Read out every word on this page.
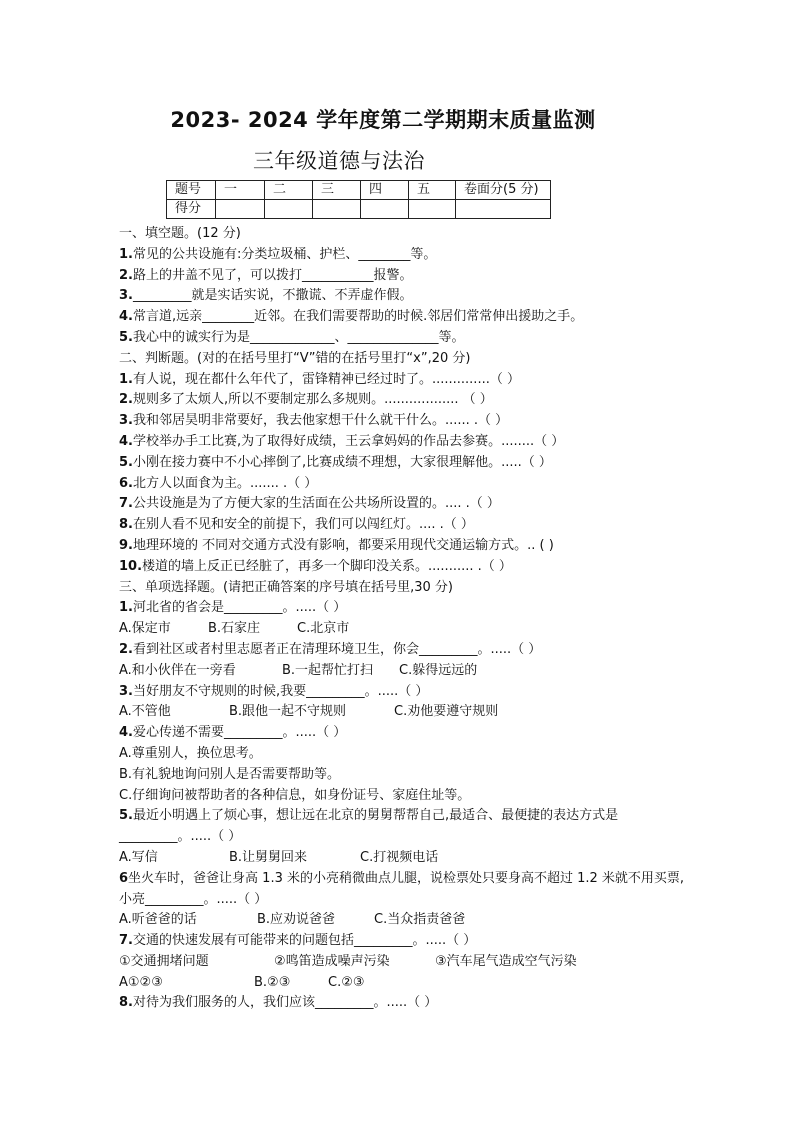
2023- 2024 学年度第二学期期末质量监测
三年级道德与法治
题号	一	二	三	四	五	卷面分(5 分)
得分						
一、填空题。(12 分)
1.常见的公共设施有:分类垃圾桶、护栏、________等。
2.路上的井盖不见了，可以拨打___________报警。
3._________就是实话实说，不撒谎、不弄虚作假。
4.常言道,远亲________近邻。在我们需要帮助的时候.邻居们常常伸出援助之手。
5.我心中的诚实行为是_____________、______________等。
二、判断题。(对的在括号里打“V”错的在括号里打“x”,20 分)
1.有人说，现在都什么年代了，雷锋精神已经过时了。..............（ ）
2.规则多了太烦人,所以不要制定那么多规则。.................. （ ）
3.我和邻居昊明非常要好，我去他家想干什么就干什么。...... .（ ）
4.学校举办手工比赛,为了取得好成绩，王云拿妈妈的作品去参赛。........（ ）
5.小刚在接力赛中不小心摔倒了,比赛成绩不理想，大家很理解他。.....（ ）
6.北方人以面食为主。....... .（ ）
7.公共设施是为了方便大家的生活面在公共场所设置的。.... .（ ）
8.在别人看不见和安全的前提下，我们可以闯红灯。.... .（ ）
9.地理环境的 不同对交通方式没有影响，都要采用现代交通运输方式。.. ( )
10.楼道的墙上反正已经脏了，再多一个脚印没关系。........... .（ ）
三、单项选择题。(请把正确答案的序号填在括号里,30 分)
1.河北省的省会是_________。.....（ ）
A.保定市	B.石家庄	C.北京市
2.看到社区或者村里志愿者正在清理环境卫生，你会_________。.....（ ）
A.和小伙伴在一旁看	B.一起帮忙打扫	C.躲得远远的
3.当好朋友不守规则的时候,我要_________。.....（ ）
A.不管他	B.跟他一起不守规则	C.劝他要遵守规则
4.爱心传递不需要_________。.....（ ）
A.尊重别人，换位思考。
B.有礼貌地询问别人是否需要帮助等。
C.仔细询问被帮助者的各种信息，如身份证号、家庭住址等。
5.最近小明遇上了烦心事，想让远在北京的舅舅帮帮自己,最适合、最便捷的表达方式是_________。.....（ ）
A.写信	B.让舅舅回来	C.打视频电话
6坐火车时，爸爸让身高 1.3 米的小亮稍微曲点儿腿，说检票处只要身高不超过 1.2 米就不用买票,小亮_________。.....（ ）
A.听爸爸的话	B.应劝说爸爸	C.当众指责爸爸
7.交通的快速发展有可能带来的问题包括_________。.....（ ）
①交通拥堵问题	②鸣笛造成噪声污染	③汽车尾气造成空气污染
A①②③	B.②③	C.②③
8.对待为我们服务的人，我们应该_________。.....（ ）
